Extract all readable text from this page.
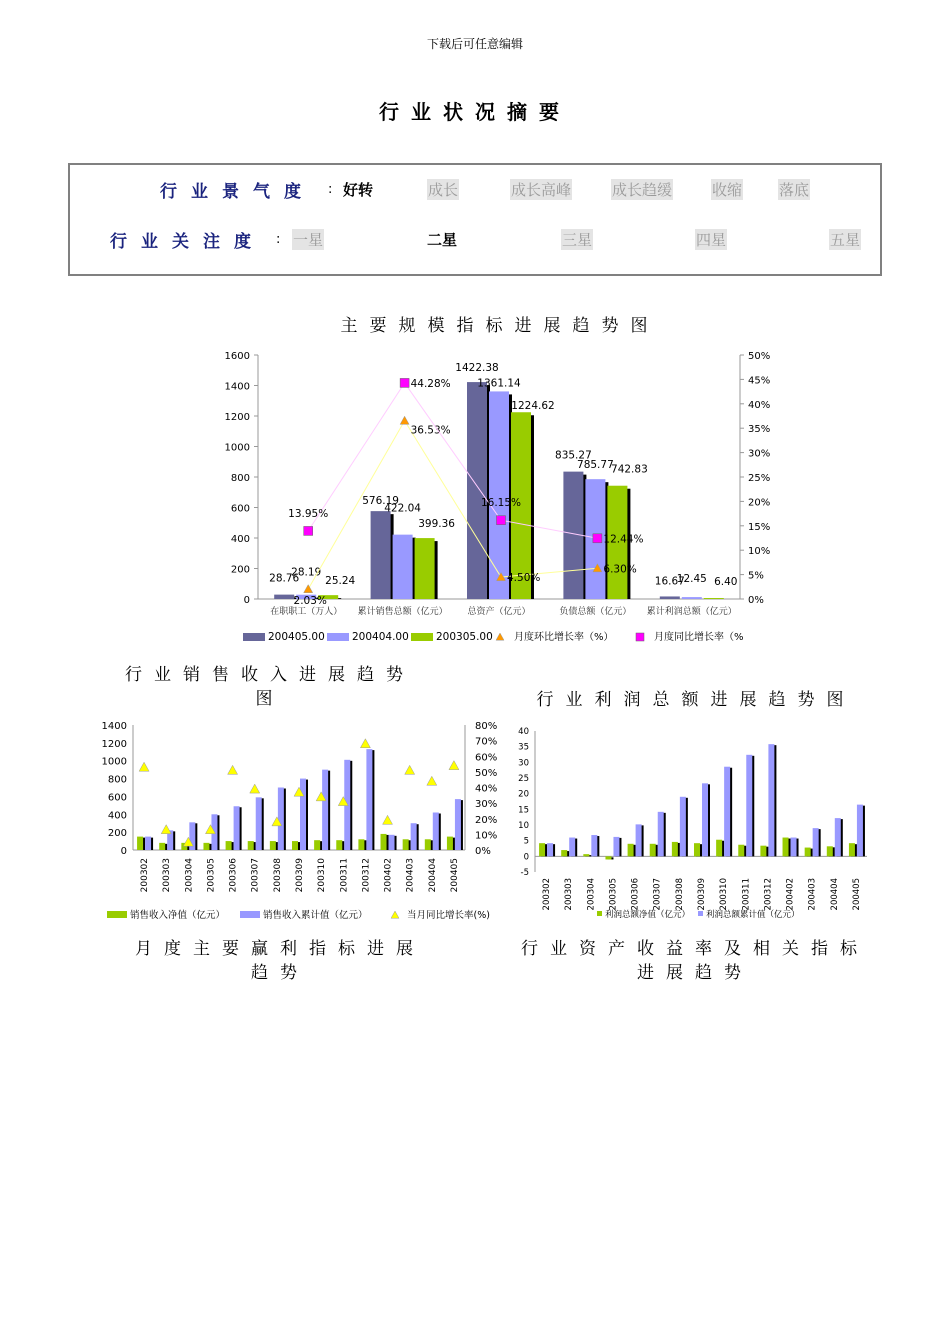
下载后可任意编辑
行业状况摘要
行业景气度 : 好转	成长	成长高峰	成长趋缓	收缩 落底
行业关注度 : 一星	二星	三星	四星	五星
主要规模指标进展趋势图
0
200
400
600
800
1000
1200
1400
1600
0%
5%
10%
15%
20%
25%
30%
35%
40%
45%
50%
在职职工（万人） 累计销售总额（亿元） 总资产（亿元）	负债总额（亿元） 累计利润总额（亿元）
28.76
576.19
1422.38
835.27
16.67
28.19
422.04
1361.14
785.77
12.45
25.24
399.36
1224.62
742.83
6.40
2.03%
36.53%
4.50%
6.30%
13.95%
44.28%
16.15%
12.44%
200405.00	200404.00	200305.00 月度环比增长率（%）	月度同比增长率（%
行业销售收入进展趋势
图	行业利润总额进展趋势图
0
200
400
600
800
1000
1200
1400
0%
10%
20%
30%
40%
50%
60%
70%
80%
200302 200303 200304 200305 200306 200307 200308 200309 200310 200311 200312 200402 200403 200404 200405
销售收入净值（亿元）	销售收入累计值（亿元）	当月同比增长率(%)
-5
0
5
10
15
20
25
30
35
40
200302 200303 200304 200305 200306 200307 200308 200309 200310 200311 200312 200402 200403 200404 200405
利润总额净值（亿元） 利润总额累计值（亿元）
月度主要赢利指标进展
趋势
行业资产收益率及相关指标
进展趋势
